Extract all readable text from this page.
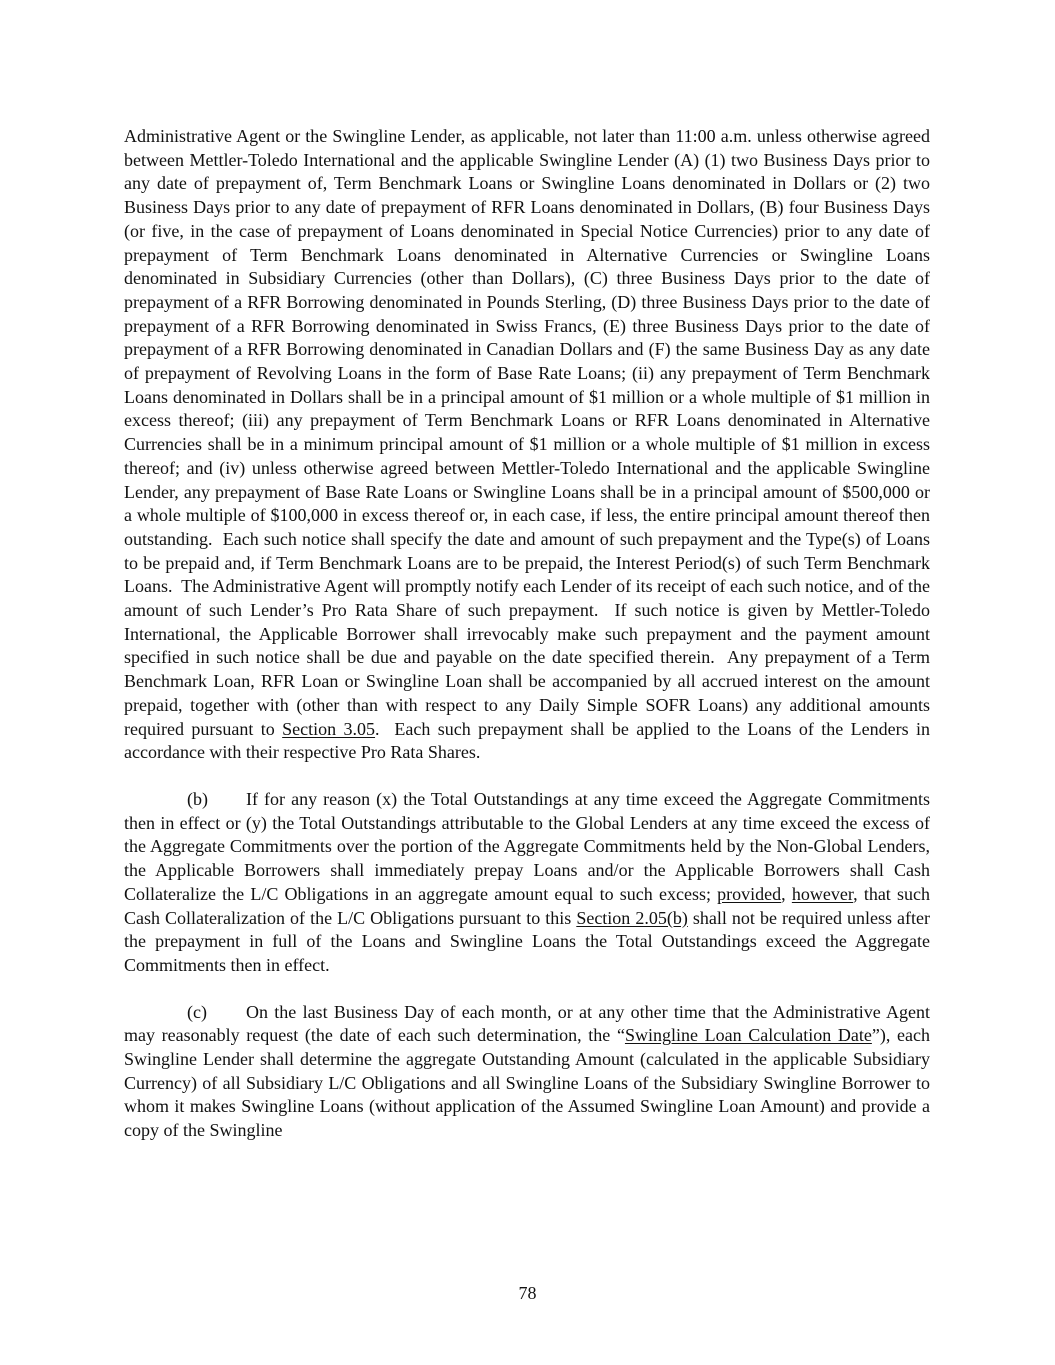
Administrative Agent or the Swingline Lender, as applicable, not later than 11:00 a.m. unless otherwise agreed between Mettler-Toledo International and the applicable Swingline Lender (A) (1) two Business Days prior to any date of prepayment of, Term Benchmark Loans or Swingline Loans denominated in Dollars or (2) two Business Days prior to any date of prepayment of RFR Loans denominated in Dollars, (B) four Business Days (or five, in the case of prepayment of Loans denominated in Special Notice Currencies) prior to any date of prepayment of Term Benchmark Loans denominated in Alternative Currencies or Swingline Loans denominated in Subsidiary Currencies (other than Dollars), (C) three Business Days prior to the date of prepayment of a RFR Borrowing denominated in Pounds Sterling, (D) three Business Days prior to the date of prepayment of a RFR Borrowing denominated in Swiss Francs, (E) three Business Days prior to the date of prepayment of a RFR Borrowing denominated in Canadian Dollars and (F) the same Business Day as any date of prepayment of Revolving Loans in the form of Base Rate Loans; (ii) any prepayment of Term Benchmark Loans denominated in Dollars shall be in a principal amount of $1 million or a whole multiple of $1 million in excess thereof; (iii) any prepayment of Term Benchmark Loans or RFR Loans denominated in Alternative Currencies shall be in a minimum principal amount of $1 million or a whole multiple of $1 million in excess thereof; and (iv) unless otherwise agreed between Mettler-Toledo International and the applicable Swingline Lender, any prepayment of Base Rate Loans or Swingline Loans shall be in a principal amount of $500,000 or a whole multiple of $100,000 in excess thereof or, in each case, if less, the entire principal amount thereof then outstanding.  Each such notice shall specify the date and amount of such prepayment and the Type(s) of Loans to be prepaid and, if Term Benchmark Loans are to be prepaid, the Interest Period(s) of such Term Benchmark Loans.  The Administrative Agent will promptly notify each Lender of its receipt of each such notice, and of the amount of such Lender’s Pro Rata Share of such prepayment.  If such notice is given by Mettler-Toledo International, the Applicable Borrower shall irrevocably make such prepayment and the payment amount specified in such notice shall be due and payable on the date specified therein.  Any prepayment of a Term Benchmark Loan, RFR Loan or Swingline Loan shall be accompanied by all accrued interest on the amount prepaid, together with (other than with respect to any Daily Simple SOFR Loans) any additional amounts required pursuant to Section 3.05.  Each such prepayment shall be applied to the Loans of the Lenders in accordance with their respective Pro Rata Shares.

(b) If for any reason (x) the Total Outstandings at any time exceed the Aggregate Commitments then in effect or (y) the Total Outstandings attributable to the Global Lenders at any time exceed the excess of the Aggregate Commitments over the portion of the Aggregate Commitments held by the Non-Global Lenders, the Applicable Borrowers shall immediately prepay Loans and/or the Applicable Borrowers shall Cash Collateralize the L/C Obligations in an aggregate amount equal to such excess; provided, however, that such Cash Collateralization of the L/C Obligations pursuant to this Section 2.05(b) shall not be required unless after the prepayment in full of the Loans and Swingline Loans the Total Outstandings exceed the Aggregate Commitments then in effect.

(c) On the last Business Day of each month, or at any other time that the Administrative Agent may reasonably request (the date of each such determination, the “Swingline Loan Calculation Date”), each Swingline Lender shall determine the aggregate Outstanding Amount (calculated in the applicable Subsidiary Currency) of all Subsidiary L/C Obligations and all Swingline Loans of the Subsidiary Swingline Borrower to whom it makes Swingline Loans (without application of the Assumed Swingline Loan Amount) and provide a copy of the Swingline

78
